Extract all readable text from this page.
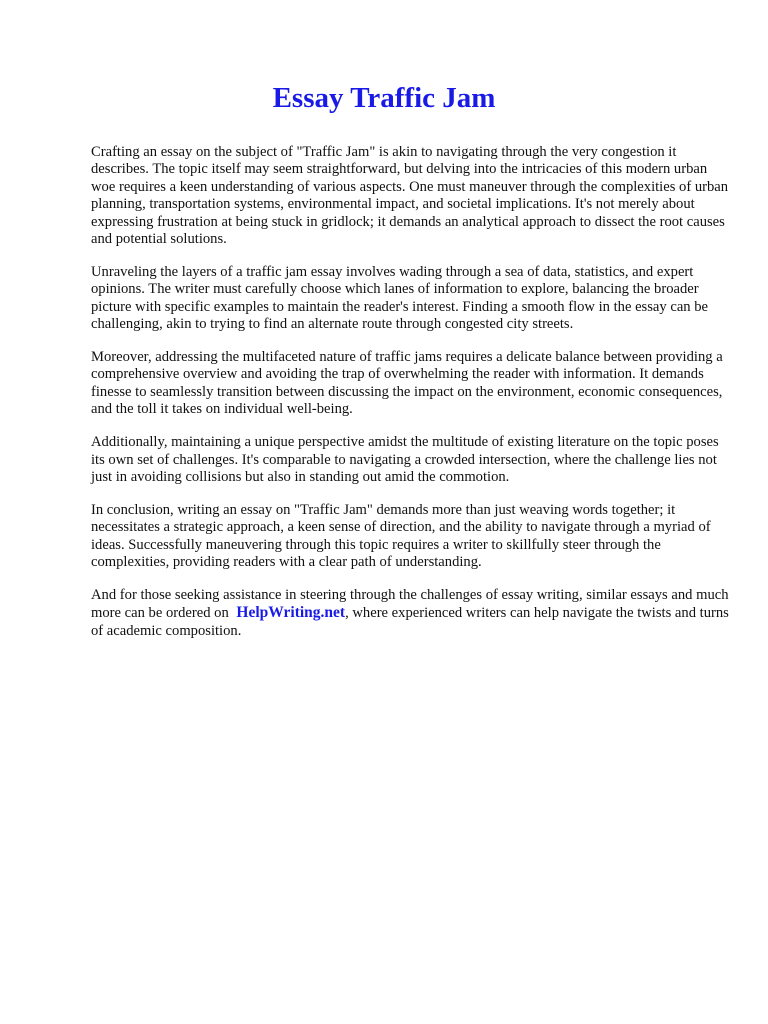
Essay Traffic Jam

Crafting an essay on the subject of "Traffic Jam" is akin to navigating through the very congestion it describes. The topic itself may seem straightforward, but delving into the intricacies of this modern urban woe requires a keen understanding of various aspects. One must maneuver through the complexities of urban planning, transportation systems, environmental impact, and societal implications. It's not merely about expressing frustration at being stuck in gridlock; it demands an analytical approach to dissect the root causes and potential solutions.

Unraveling the layers of a traffic jam essay involves wading through a sea of data, statistics, and expert opinions. The writer must carefully choose which lanes of information to explore, balancing the broader picture with specific examples to maintain the reader's interest. Finding a smooth flow in the essay can be challenging, akin to trying to find an alternate route through congested city streets.

Moreover, addressing the multifaceted nature of traffic jams requires a delicate balance between providing a comprehensive overview and avoiding the trap of overwhelming the reader with information. It demands finesse to seamlessly transition between discussing the impact on the environment, economic consequences, and the toll it takes on individual well-being.

Additionally, maintaining a unique perspective amidst the multitude of existing literature on the topic poses its own set of challenges. It's comparable to navigating a crowded intersection, where the challenge lies not just in avoiding collisions but also in standing out amid the commotion.

In conclusion, writing an essay on "Traffic Jam" demands more than just weaving words together; it necessitates a strategic approach, a keen sense of direction, and the ability to navigate through a myriad of ideas. Successfully maneuvering through this topic requires a writer to skillfully steer through the complexities, providing readers with a clear path of understanding.

And for those seeking assistance in steering through the challenges of essay writing, similar essays and much more can be ordered on HelpWriting.net, where experienced writers can help navigate the twists and turns of academic composition.
